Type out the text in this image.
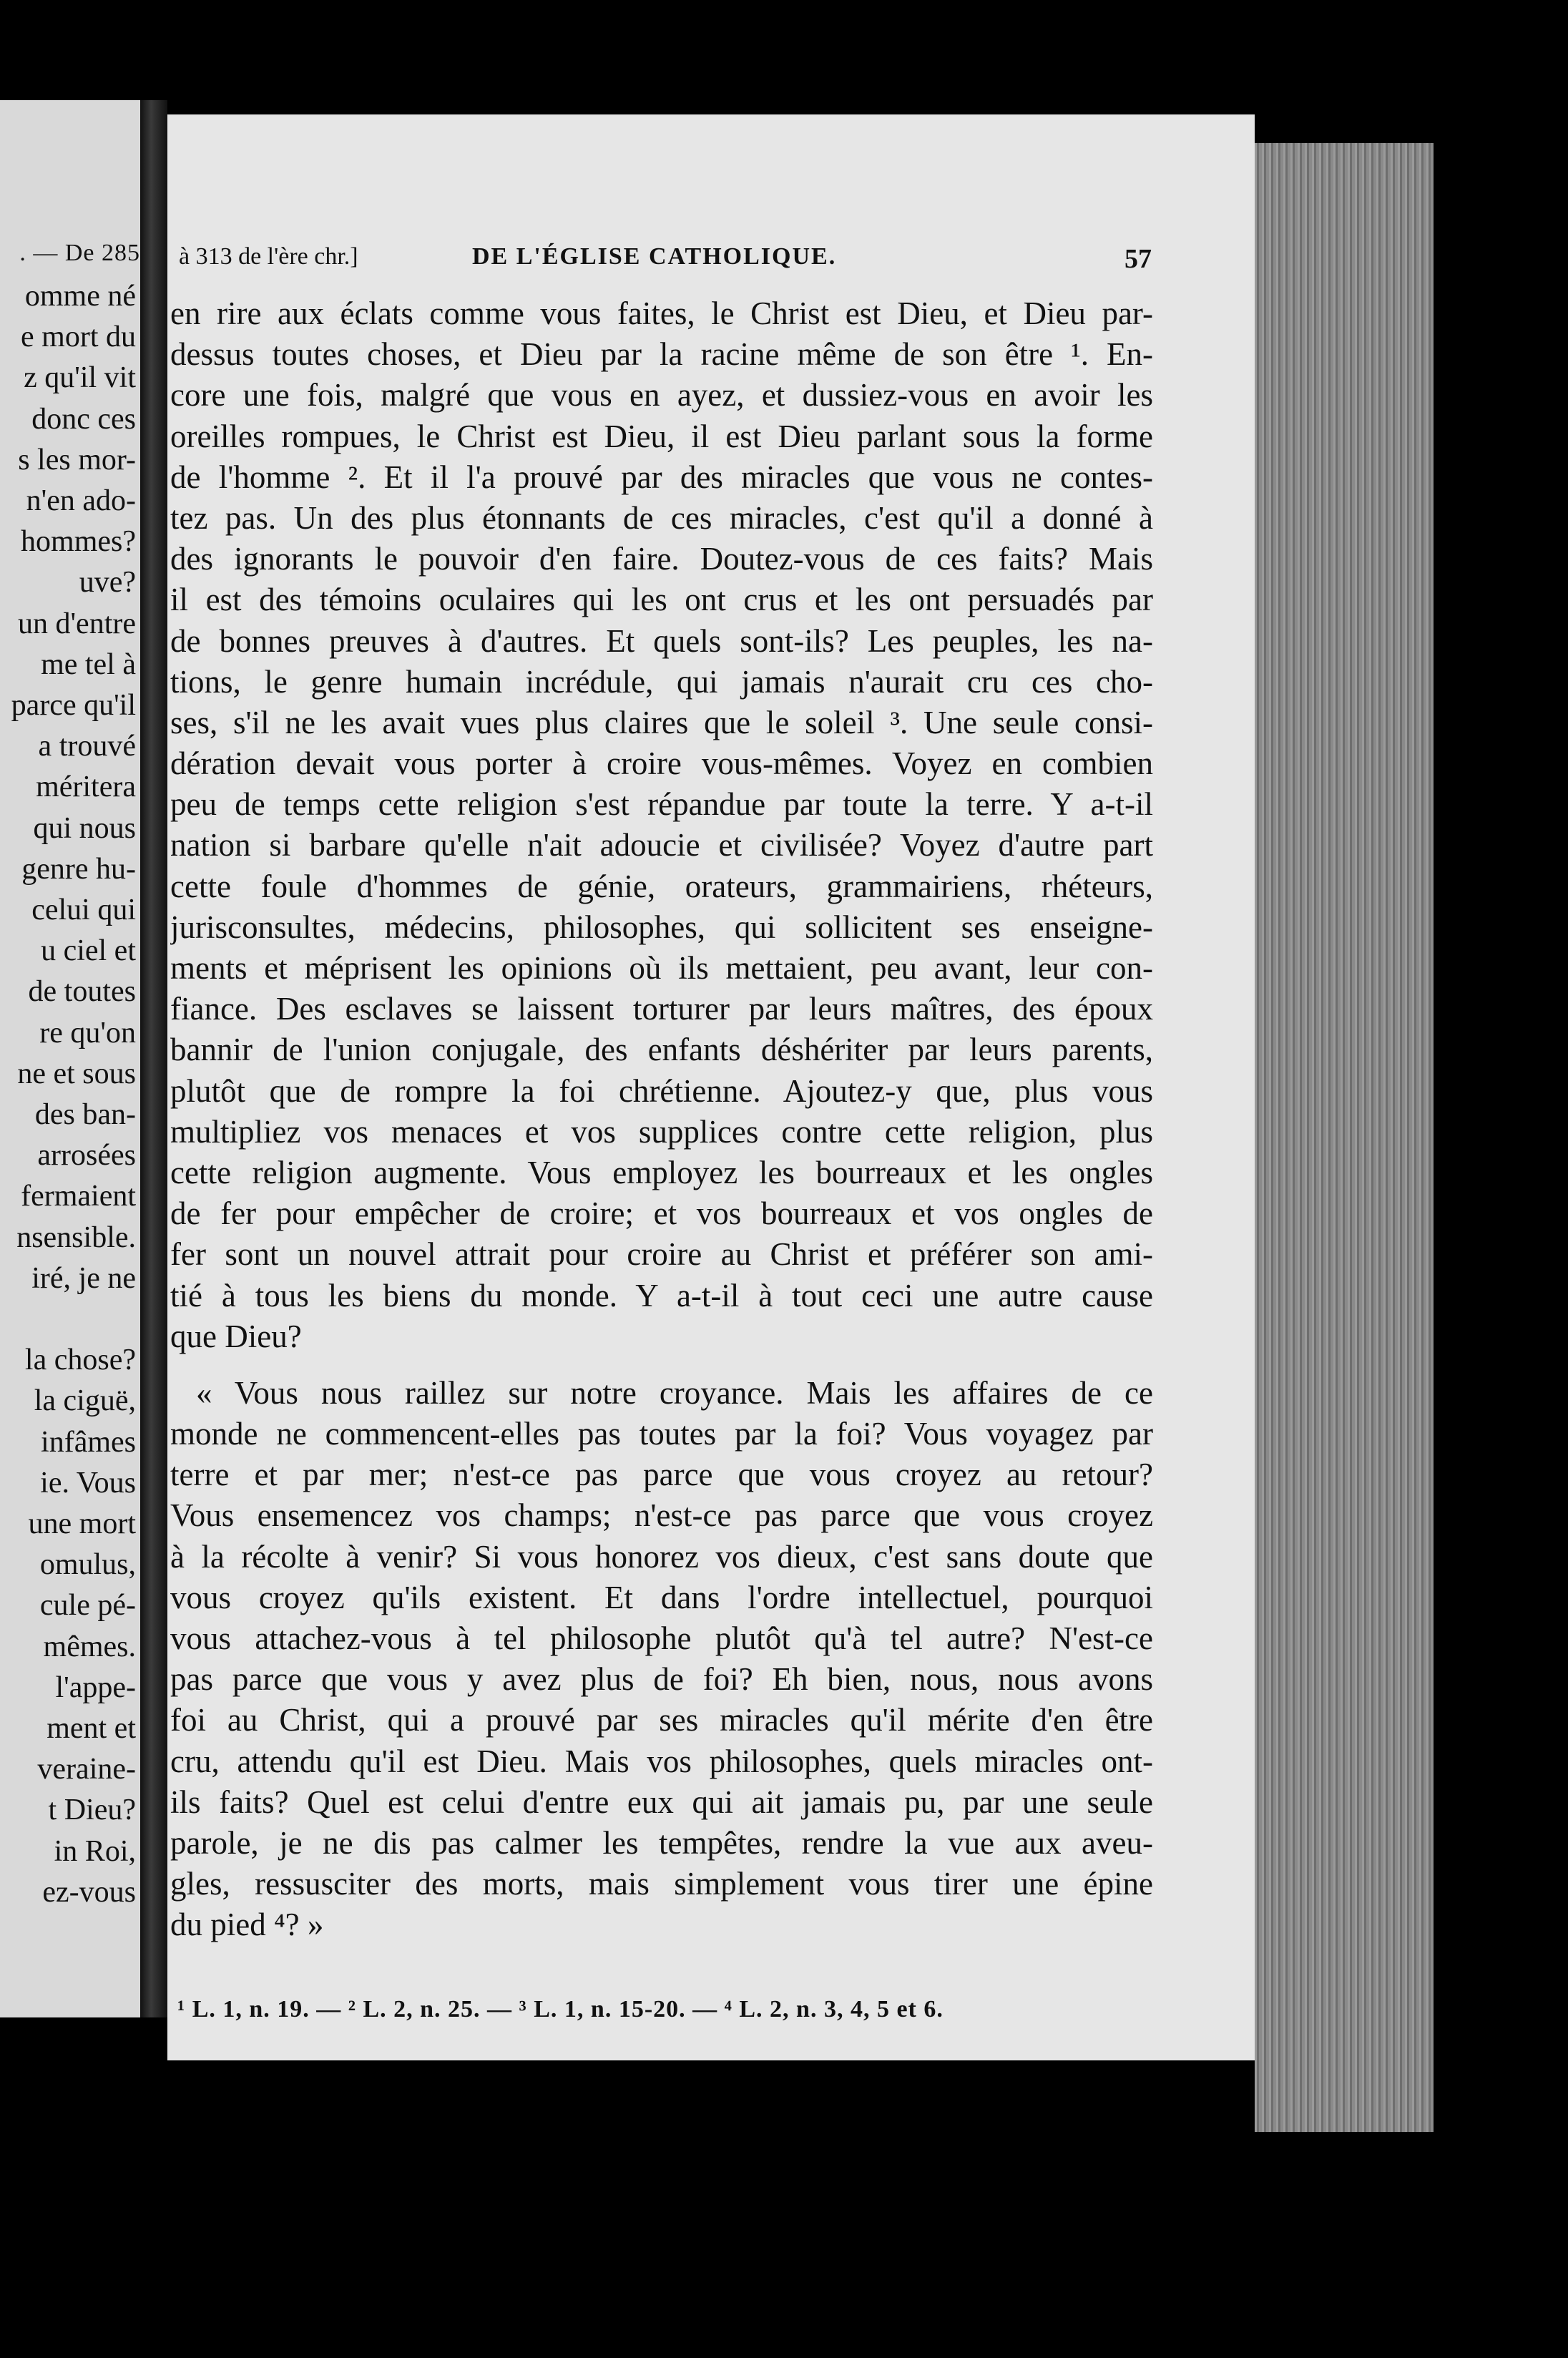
. — De 285
omme né
e mort du
z qu'il vit
donc ces
s les mor-
n'en ado-
hommes?
uve?
un d'entre
me tel à
parce qu'il
a trouvé
méritera
qui nous
genre hu-
celui qui
u ciel et
de toutes
re qu'on
ne et sous
des ban-
arrosées
fermaient
nsensible.
iré, je ne
la chose?
la ciguë,
infâmes
ie. Vous
une mort
omulus,
cule pé-
mêmes.
l'appe-
ment et
veraine-
t Dieu?
in Roi,
ez-vous
à 313 de l'ère chr.]	DE L'ÉGLISE CATHOLIQUE.	57
en rire aux éclats comme vous faites, le Christ est Dieu, et Dieu par-
dessus toutes choses, et Dieu par la racine même de son être ¹. En-
core une fois, malgré que vous en ayez, et dussiez-vous en avoir les
oreilles rompues, le Christ est Dieu, il est Dieu parlant sous la forme
de l'homme ². Et il l'a prouvé par des miracles que vous ne contes-
tez pas. Un des plus étonnants de ces miracles, c'est qu'il a donné à
des ignorants le pouvoir d'en faire. Doutez-vous de ces faits? Mais
il est des témoins oculaires qui les ont crus et les ont persuadés par
de bonnes preuves à d'autres. Et quels sont-ils? Les peuples, les na-
tions, le genre humain incrédule, qui jamais n'aurait cru ces cho-
ses, s'il ne les avait vues plus claires que le soleil ³. Une seule consi-
dération devait vous porter à croire vous-mêmes. Voyez en combien
peu de temps cette religion s'est répandue par toute la terre. Y a-t-il
nation si barbare qu'elle n'ait adoucie et civilisée? Voyez d'autre part
cette foule d'hommes de génie, orateurs, grammairiens, rhéteurs,
jurisconsultes, médecins, philosophes, qui sollicitent ses enseigne-
ments et méprisent les opinions où ils mettaient, peu avant, leur con-
fiance. Des esclaves se laissent torturer par leurs maîtres, des époux
bannir de l'union conjugale, des enfants déshériter par leurs parents,
plutôt que de rompre la foi chrétienne. Ajoutez-y que, plus vous
multipliez vos menaces et vos supplices contre cette religion, plus
cette religion augmente. Vous employez les bourreaux et les ongles
de fer pour empêcher de croire; et vos bourreaux et vos ongles de
fer sont un nouvel attrait pour croire au Christ et préférer son ami-
tié à tous les biens du monde. Y a-t-il à tout ceci une autre cause
que Dieu?
« Vous nous raillez sur notre croyance. Mais les affaires de ce
monde ne commencent-elles pas toutes par la foi? Vous voyagez par
terre et par mer; n'est-ce pas parce que vous croyez au retour?
Vous ensemencez vos champs; n'est-ce pas parce que vous croyez
à la récolte à venir? Si vous honorez vos dieux, c'est sans doute que
vous croyez qu'ils existent. Et dans l'ordre intellectuel, pourquoi
vous attachez-vous à tel philosophe plutôt qu'à tel autre? N'est-ce
pas parce que vous y avez plus de foi? Eh bien, nous, nous avons
foi au Christ, qui a prouvé par ses miracles qu'il mérite d'en être
cru, attendu qu'il est Dieu. Mais vos philosophes, quels miracles ont-
ils faits? Quel est celui d'entre eux qui ait jamais pu, par une seule
parole, je ne dis pas calmer les tempêtes, rendre la vue aux aveu-
gles, ressusciter des morts, mais simplement vous tirer une épine
du pied ⁴? »
¹ L. 1, n. 19. — ² L. 2, n. 25. — ³ L. 1, n. 15-20. — ⁴ L. 2, n. 3, 4, 5 et 6.
